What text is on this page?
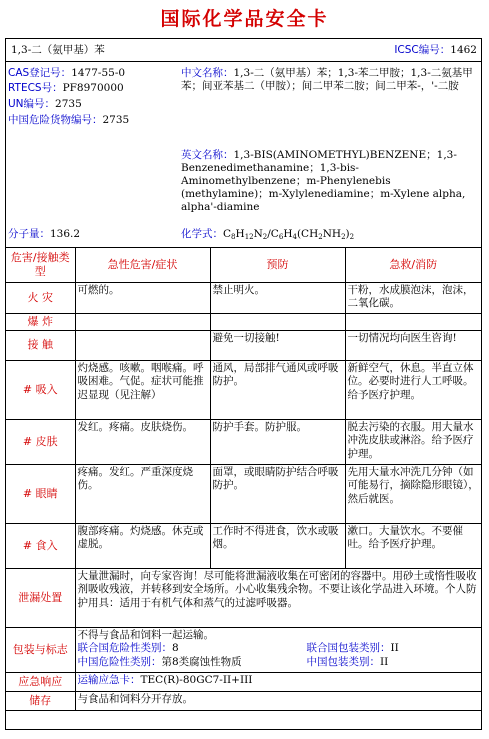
国际化学品安全卡
1,3-二（氨甲基）苯	ICSC编号：1462
CAS登记号：1477-55-0
RTECS号：PF8970000
UN编号：2735
中国危险货物编号：2735
中文名称：1,3-二（氨甲基）苯；1,3-苯二甲胺；1,3-二氨基甲苯；间亚苯基二（甲胺）；间二甲苯二胺；间二甲苯-，'-二胺
英文名称：1,3-BIS(AMINOMETHYL)BENZENE；1,3-Benzenedimethanamine；1,3-bis-Aminomethylbenzene；m-Phenylenebis (methylamine)；m-Xylylenediamine；m-Xylene alpha, alpha'-diamine
分子量：136.2	化学式：$C_8H_{12}N_2/C_6H_4(CH_2NH_2)_2$
危害/接触类型	急性危害/症状	预防	急救/消防
火 灾	可燃的。	禁止明火。	干粉，水成膜泡沫，泡沫，二氧化碳。
爆 炸			
接 触		避免一切接触!	一切情况均向医生咨询!
# 吸入	灼烧感。咳嗽。咽喉痛。呼吸困难。气促。症状可能推迟显现（见注解）	通风，局部排气通风或呼吸防护。	新鲜空气，休息。半直立体位。必要时进行人工呼吸。给予医疗护理。
# 皮肤	发红。疼痛。皮肤烧伤。	防护手套。防护服。	脱去污染的衣服。用大量水冲洗皮肤或淋浴。给予医疗护理。
# 眼睛	疼痛。发红。严重深度烧伤。	面罩，或眼睛防护结合呼吸防护。	先用大量水冲洗几分钟（如可能易行，摘除隐形眼镜），然后就医。
# 食入	腹部疼痛。灼烧感。休克或虚脱。	工作时不得进食，饮水或吸烟。	漱口。大量饮水。不要催吐。给予医疗护理。
泄漏处置	大量泄漏时，向专家咨询！尽可能将泄漏液收集在可密闭的容器中。用砂土或惰性吸收剂吸收残液，并转移到安全场所。小心收集残余物。不要让该化学品进入环境。个人防护用具：适用于有机气体和蒸气的过滤呼吸器。		
包装与标志	不得与食品和饲料一起运输。
联合国危险性类别：8 联合国包装类别：II
中国危险性类别：第8类腐蚀性物质 中国包装类别：II		

应急响应	运输应急卡：TEC(R)-80GC7-II+III		
储存	与食品和饲料分开存放。		
